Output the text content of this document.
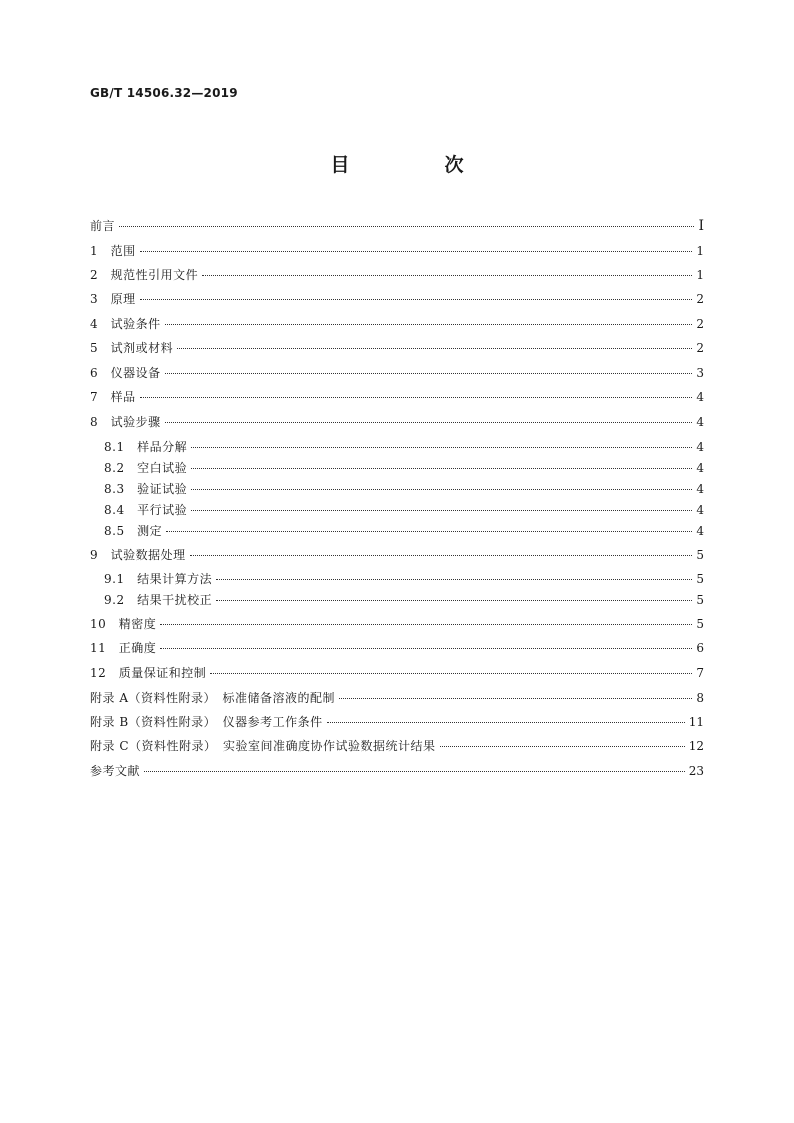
GB/T 14506.32—2019
目　次
前言	Ⅰ
1　范围	1
2　规范性引用文件	1
3　原理	2
4　试验条件	2
5　试剂或材料	2
6　仪器设备	3
7　样品	4
8　试验步骤	4
8.1　样品分解	4
8.2　空白试验	4
8.3　验证试验	4
8.4　平行试验	4
8.5　测定	4
9　试验数据处理	5
9.1　结果计算方法	5
9.2　结果干扰校正	5
10　精密度	5
11　正确度	6
12　质量保证和控制	7
附录 A（资料性附录）　标准储备溶液的配制	8
附录 B（资料性附录）　仪器参考工作条件	11
附录 C（资料性附录）　实验室间准确度协作试验数据统计结果	12
参考文献	23
